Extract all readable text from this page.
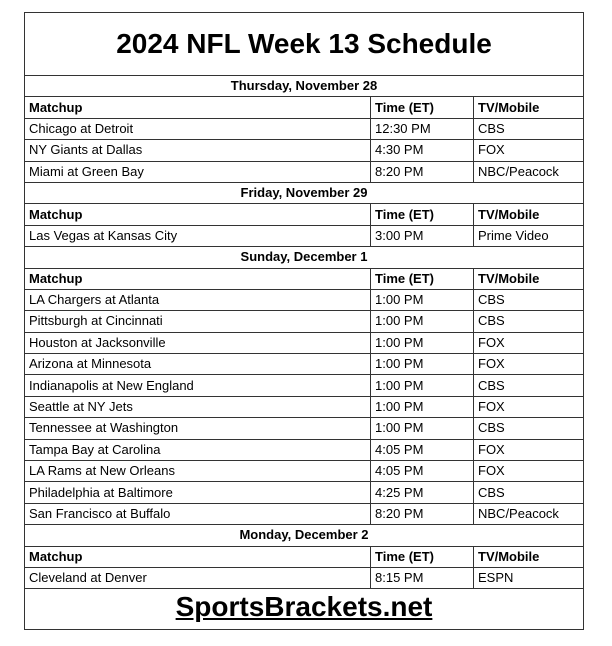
2024 NFL Week 13 Schedule		
Thursday, November 28		
Matchup	Time (ET)	TV/Mobile
Chicago at Detroit	12:30 PM	CBS
NY Giants at Dallas	4:30 PM	FOX
Miami at Green Bay	8:20 PM	NBC/Peacock
Friday, November 29		
Matchup	Time (ET)	TV/Mobile
Las Vegas at Kansas City	3:00 PM	Prime Video
Sunday, December 1		
Matchup	Time (ET)	TV/Mobile
LA Chargers at Atlanta	1:00 PM	CBS
Pittsburgh at Cincinnati	1:00 PM	CBS
Houston at Jacksonville	1:00 PM	FOX
Arizona at Minnesota	1:00 PM	FOX
Indianapolis at New England	1:00 PM	CBS
Seattle at NY Jets	1:00 PM	FOX
Tennessee at Washington	1:00 PM	CBS
Tampa Bay at Carolina	4:05 PM	FOX
LA Rams at New Orleans	4:05 PM	FOX
Philadelphia at Baltimore	4:25 PM	CBS
San Francisco at Buffalo	8:20 PM	NBC/Peacock
Monday, December 2		
Matchup	Time (ET)	TV/Mobile
Cleveland at Denver	8:15 PM	ESPN
SportsBrackets.net		
